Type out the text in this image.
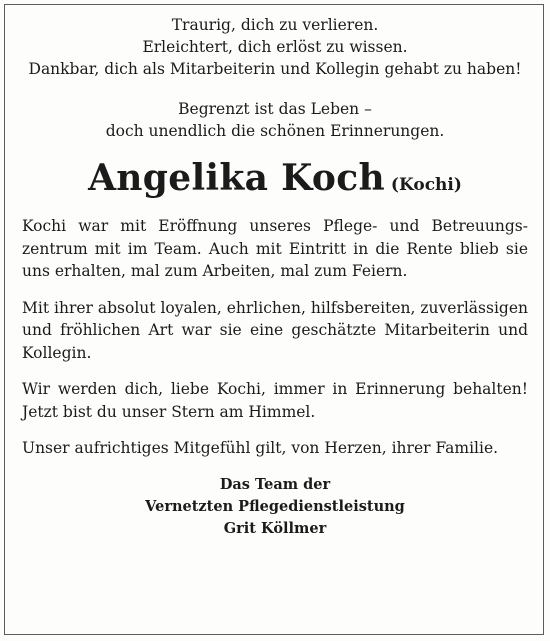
Traurig, dich zu verlieren.
Erleichtert, dich erlöst zu wissen.
Dankbar, dich als Mitarbeiterin und Kollegin gehabt zu haben!

Begrenzt ist das Leben –
doch unendlich die schönen Erinnerungen.

Angelika Koch (Kochi)

Kochi war mit Eröffnung unseres Pflege- und Betreuungszentrum mit im Team. Auch mit Eintritt in die Rente blieb sie uns erhalten, mal zum Arbeiten, mal zum Feiern.

Mit ihrer absolut loyalen, ehrlichen, hilfsbereiten, zuverlässigen und fröhlichen Art war sie eine geschätzte Mitarbeiterin und Kollegin.

Wir werden dich, liebe Kochi, immer in Erinnerung behalten! Jetzt bist du unser Stern am Himmel.

Unser aufrichtiges Mitgefühl gilt, von Herzen, ihrer Familie.

Das Team der
Vernetzten Pflegedienstleistung
Grit Köllmer
